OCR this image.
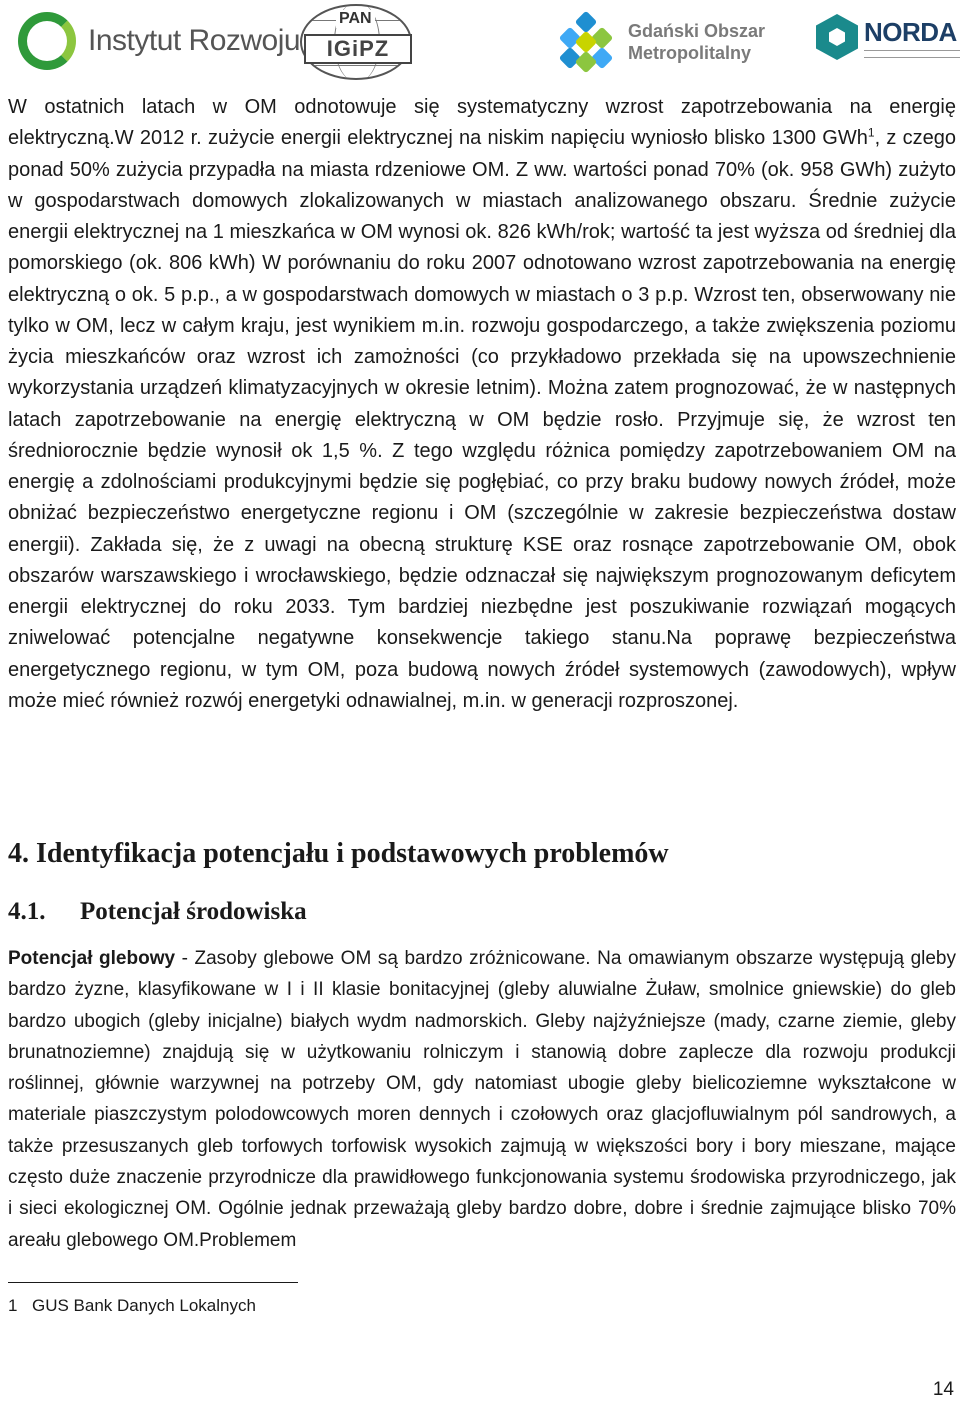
Instytut Rozwoju
PAN
IGiPZ
Gdański Obszar
Metropolitalny
NORDA

W ostatnich latach w OM odnotowuje się systematyczny wzrost zapotrzebowania na energię elektryczną.W 2012 r. zużycie energii elektrycznej na niskim napięciu wyniosło blisko 1300 GWh$^1$, z czego ponad 50% zużycia przypadła na miasta rdzeniowe OM. Z ww. wartości ponad 70% (ok. 958 GWh) zużyto w gospodarstwach domowych zlokalizowanych w miastach analizowanego obszaru. Średnie zużycie energii elektrycznej na 1 mieszkańca w OM wynosi ok. 826 kWh/rok; wartość ta jest wyższa od średniej dla pomorskiego (ok. 806 kWh) W porównaniu do roku 2007 odnotowano wzrost zapotrzebowania na energię elektryczną o ok. 5 p.p., a w gospodarstwach domowych w miastach o 3 p.p. Wzrost ten, obserwowany nie tylko w OM, lecz w całym kraju, jest wynikiem m.in. rozwoju gospodarczego, a także zwiększenia poziomu życia mieszkańców oraz wzrost ich zamożności (co przykładowo przekłada się na upowszechnienie wykorzystania urządzeń klimatyzacyjnych w okresie letnim). Można zatem prognozować, że w następnych latach zapotrzebowanie na energię elektryczną w OM będzie rosło. Przyjmuje się, że wzrost ten średniorocznie będzie wynosił ok 1,5 %. Z tego względu różnica pomiędzy zapotrzebowaniem OM na energię a zdolnościami produkcyjnymi będzie się pogłębiać, co przy braku budowy nowych źródeł, może obniżać bezpieczeństwo energetyczne regionu i OM (szczególnie w zakresie bezpieczeństwa dostaw energii). Zakłada się, że z uwagi na obecną strukturę KSE oraz rosnące zapotrzebowanie OM, obok obszarów warszawskiego i wrocławskiego, będzie odznaczał się największym prognozowanym deficytem energii elektrycznej do roku 2033. Tym bardziej niezbędne jest poszukiwanie rozwiązań mogących zniwelować potencjalne negatywne konsekwencje takiego stanu.Na poprawę bezpieczeństwa energetycznego regionu, w tym OM, poza budową nowych źródeł systemowych (zawodowych), wpływ może mieć również rozwój energetyki odnawialnej, m.in. w generacji rozproszonej.

4. Identyfikacja potencjału i podstawowych problemów
4.1. Potencjał środowiska

Potencjał glebowy - Zasoby glebowe OM są bardzo zróżnicowane. Na omawianym obszarze występują gleby bardzo żyzne, klasyfikowane w I i II klasie bonitacyjnej (gleby aluwialne Żuław, smolnice gniewskie) do gleb bardzo ubogich (gleby inicjalne) białych wydm nadmorskich. Gleby najżyźniejsze (mady, czarne ziemie, gleby brunatnoziemne) znajdują się w użytkowaniu rolniczym i stanowią dobre zaplecze dla rozwoju produkcji roślinnej, głównie warzywnej na potrzeby OM, gdy natomiast ubogie gleby bielicoziemne wykształcone w materiale piaszczystym polodowcowych moren dennych i czołowych oraz glacjofluwialnym pól sandrowych, a także przesuszanych gleb torfowych torfowisk wysokich zajmują w większości bory i bory mieszane, mające często duże znaczenie przyrodnicze dla prawidłowego funkcjonowania systemu środowiska przyrodniczego, jak i sieci ekologicznej OM. Ogólnie jednak przeważają gleby bardzo dobre, dobre i średnie zajmujące blisko 70% areału glebowego OM.Problemem

1 GUS Bank Danych Lokalnych
14
